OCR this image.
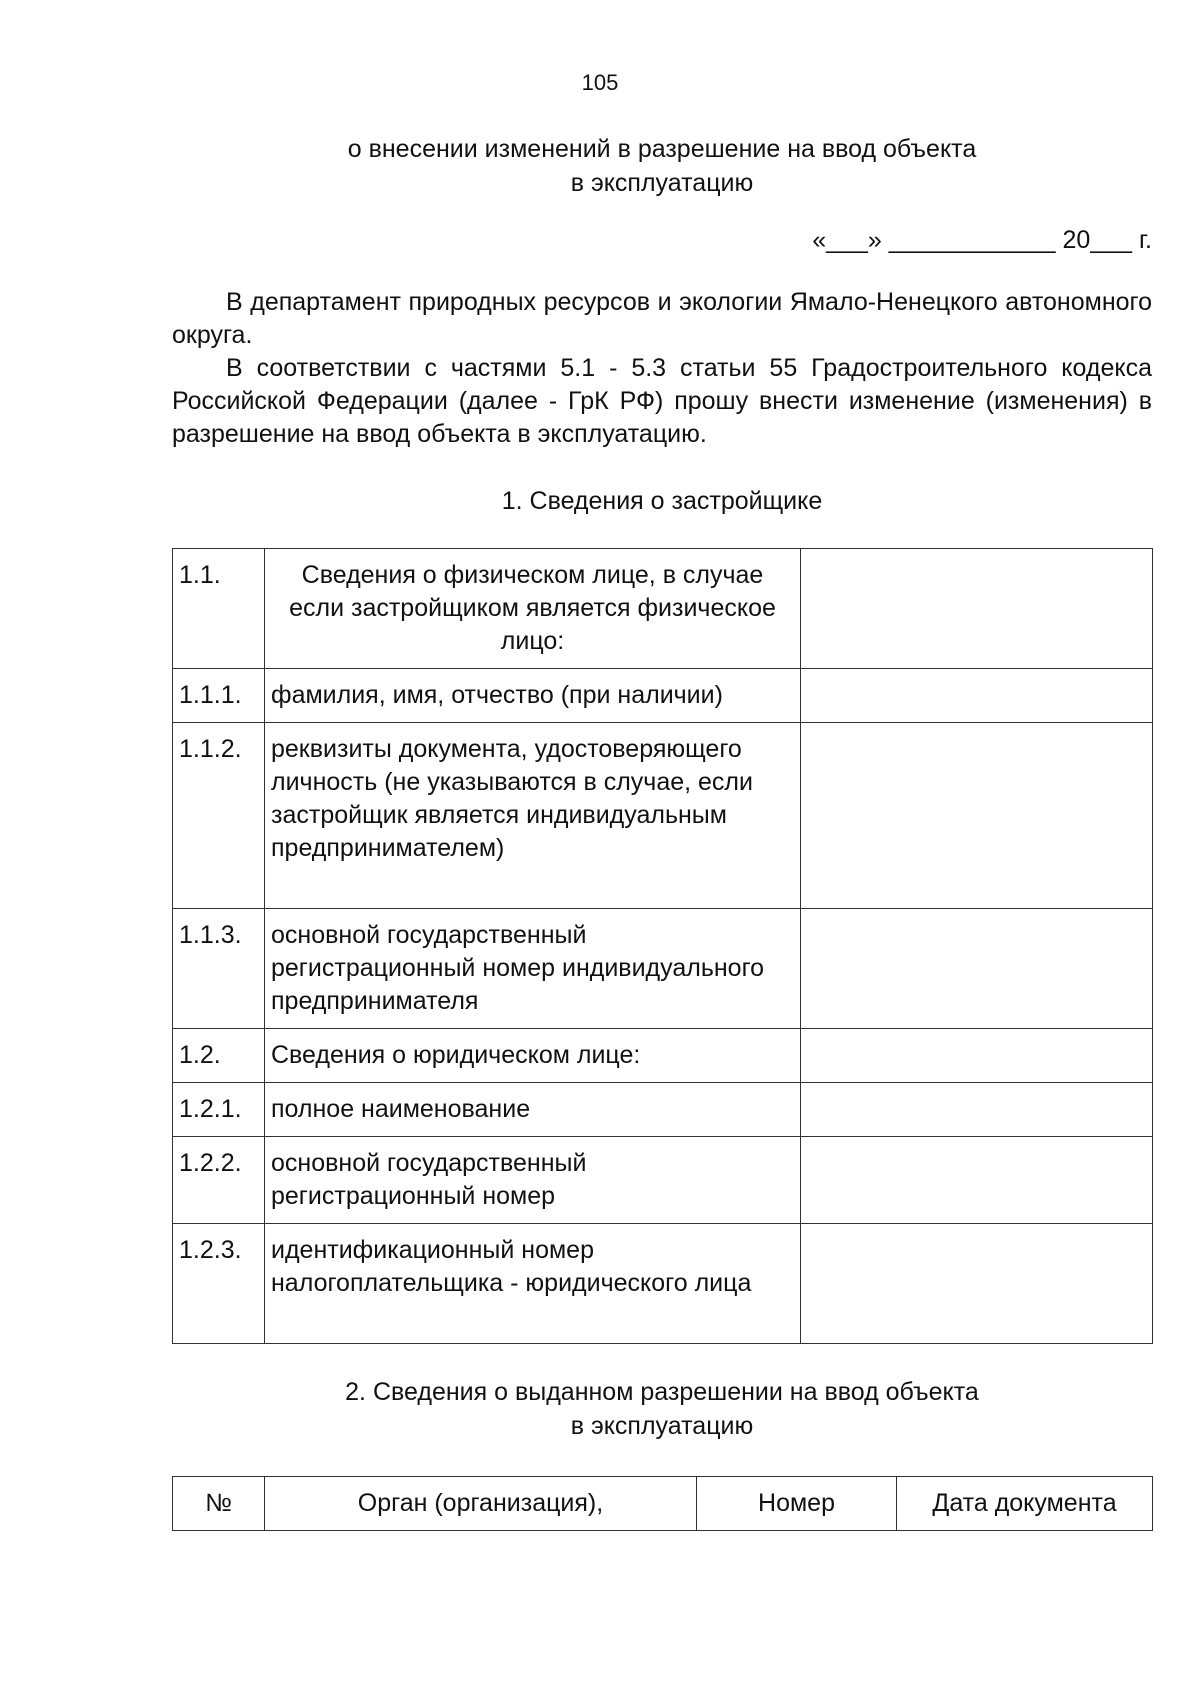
105
о внесении изменений в разрешение на ввод объекта
в эксплуатацию
«___» ____________ 20___ г.
В департамент природных ресурсов и экологии Ямало-Ненецкого автономного округа.
В соответствии с частями 5.1 - 5.3 статьи 55 Градостроительного кодекса Российской Федерации (далее - ГрК РФ) прошу внести изменение (изменения) в разрешение на ввод объекта в эксплуатацию.
1. Сведения о застройщике
1.1.	Сведения о физическом лице, в случае если застройщиком является физическое лицо:	
1.1.1.	фамилия, имя, отчество (при наличии)	
1.1.2.	реквизиты документа, удостоверяющего личность (не указываются в случае, если застройщик является индивидуальным предпринимателем)	
1.1.3.	основной государственный регистрационный номер индивидуального предпринимателя	
1.2.	Сведения о юридическом лице:	
1.2.1.	полное наименование	
1.2.2.	основной государственный регистрационный номер	
1.2.3.	идентификационный номер налогоплательщика - юридического лица	
2. Сведения о выданном разрешении на ввод объекта
в эксплуатацию
№	Орган (организация),	Номер	Дата документа
